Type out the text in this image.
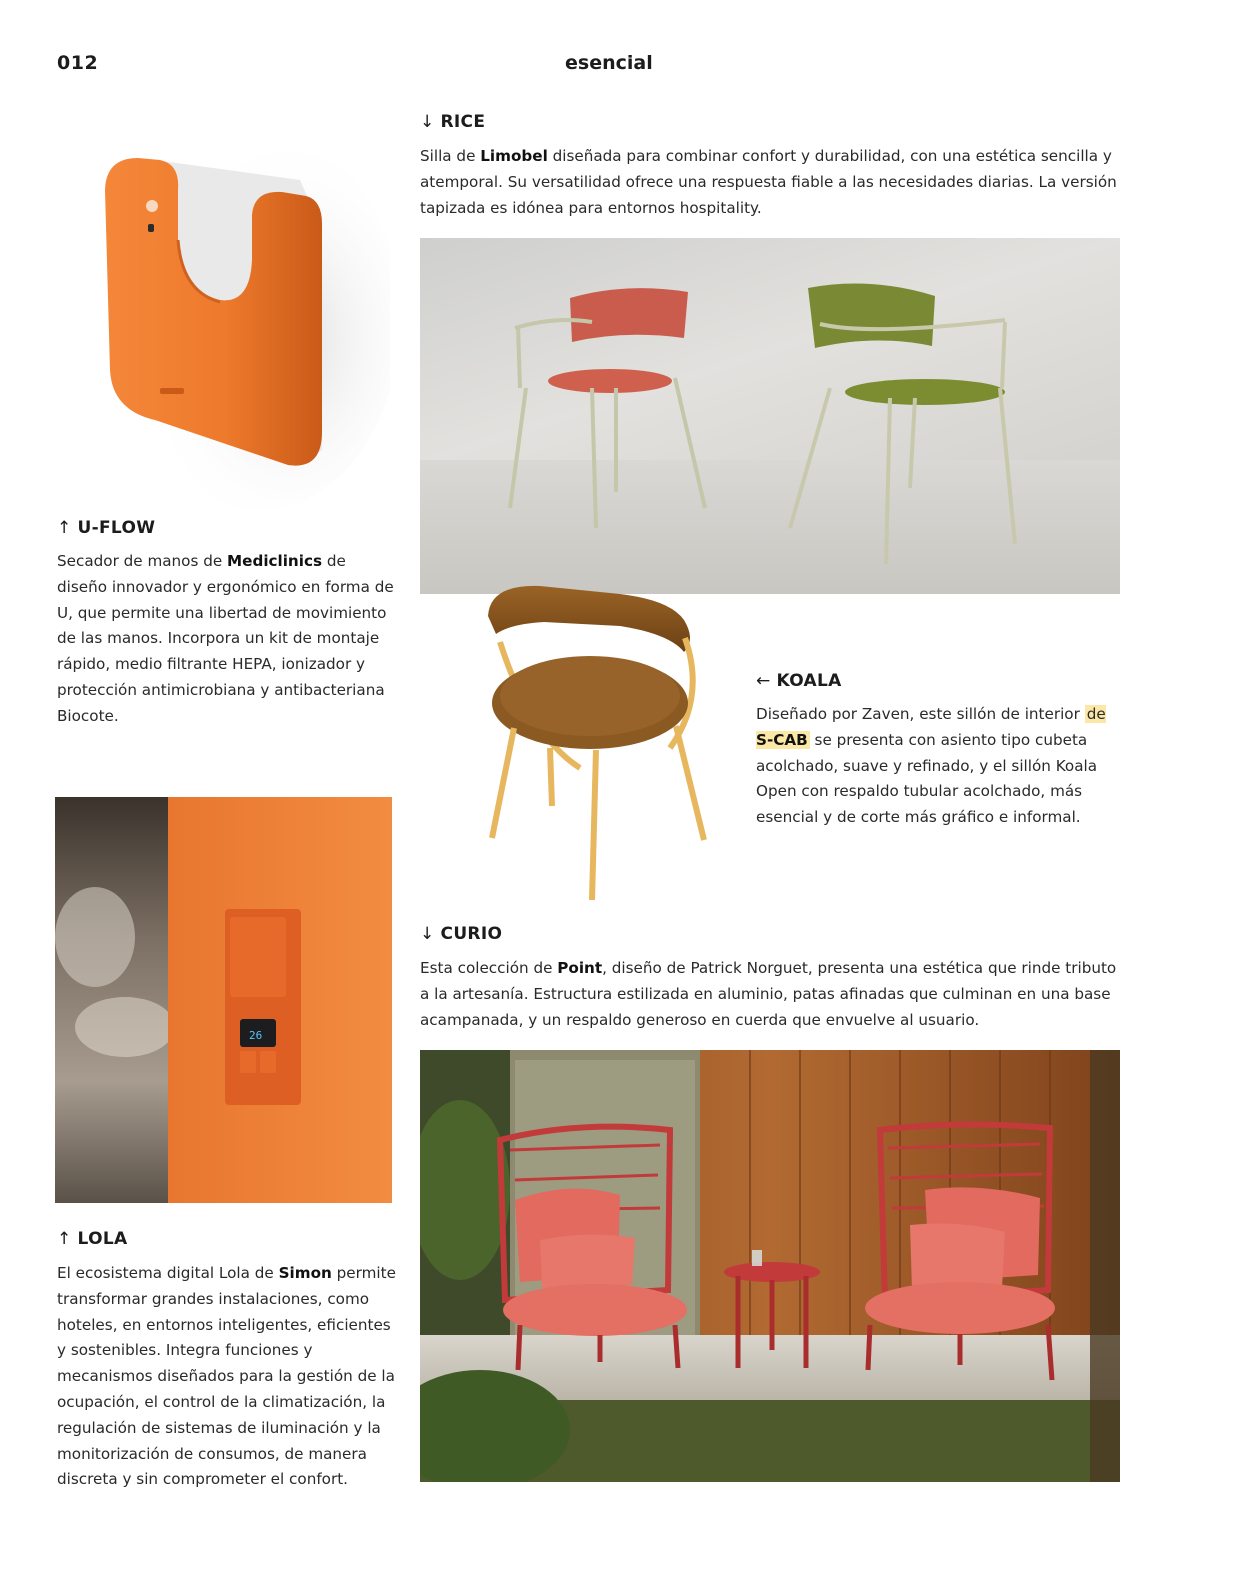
012	esencial
↑ U-FLOW
Secador de manos de Mediclinics de diseño innovador y ergonómico en forma de U, que permite una libertad de movimiento de las manos. Incorpora un kit de montaje rápido, medio filtrante HEPA, ionizador y protección antimicrobiana y antibacteriana Biocote.
26
↑ LOLA
El ecosistema digital Lola de Simon permite transformar grandes instalaciones, como hoteles, en entornos inteligentes, eficientes y sostenibles. Integra funciones y mecanismos diseñados para la gestión de la ocupación, el control de la climatización, la regulación de sistemas de iluminación y la monitorización de consumos, de manera discreta y sin comprometer el confort.
↓ RICE
Silla de Limobel diseñada para combinar confort y durabilidad, con una estética sencilla y atemporal. Su versatilidad ofrece una respuesta fiable a las necesidades diarias. La versión tapizada es idónea para entornos hospitality.
← KOALA
Diseñado por Zaven, este sillón de interior de S-CAB se presenta con asiento tipo cubeta acolchado, suave y refinado, y el sillón Koala Open con respaldo tubular acolchado, más esencial y de corte más gráfico e informal.
↓ CURIO
Esta colección de Point, diseño de Patrick Norguet, presenta una estética que rinde tributo a la artesanía. Estructura estilizada en aluminio, patas afinadas que culminan en una base acampanada, y un respaldo generoso en cuerda que envuelve al usuario.
